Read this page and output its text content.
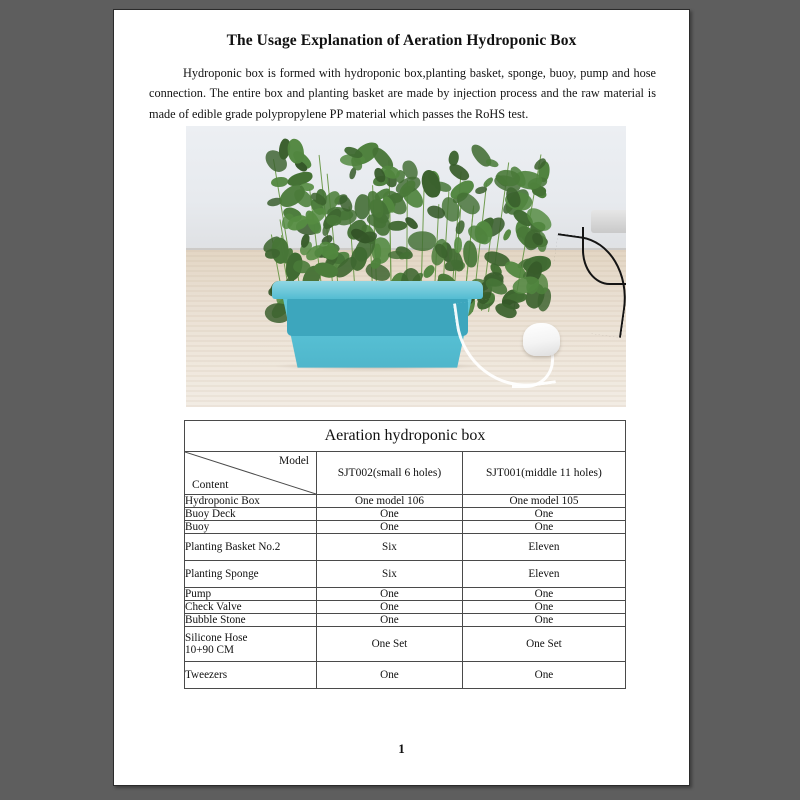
The Usage Explanation of Aeration Hydroponic Box

Hydroponic box is formed with hydroponic box,planting basket, sponge, buoy, pump and hose connection. The entire box and planting basket are made by injection process and the raw material is made of edible grade polypropylene PP material which passes the RoHS test.

Aeration hydroponic box		

Model
Content	SJT002(small 6 holes)	SJT001(middle 11 holes)
Hydroponic Box	One model 106	One model 105
Buoy Deck	One	One
Buoy	One	One
Planting Basket No.2	Six	Eleven
Planting Sponge	Six	Eleven
Pump	One	One
Check Valve	One	One
Bubble Stone	One	One
Silicone Hose
10+90 CM	One Set	One Set
Tweezers	One	One
1
